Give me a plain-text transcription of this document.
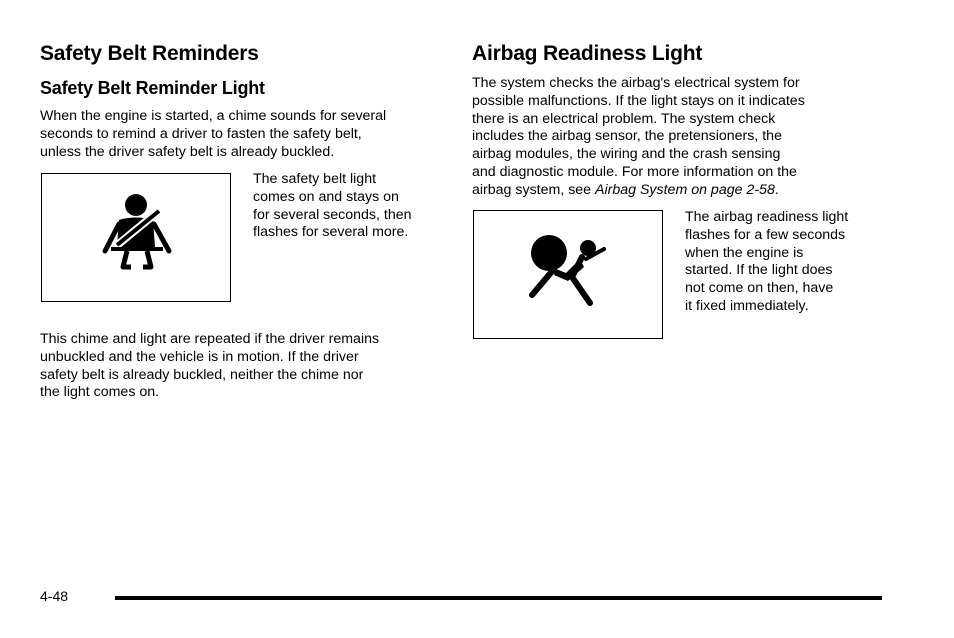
Safety Belt Reminders
Safety Belt Reminder Light

When the engine is started, a chime sounds for several
seconds to remind a driver to fasten the safety belt,
unless the driver safety belt is already buckled.

The safety belt light
comes on and stays on
for several seconds, then
flashes for several more.

This chime and light are repeated if the driver remains
unbuckled and the vehicle is in motion. If the driver
safety belt is already buckled, neither the chime nor
the light comes on.

Airbag Readiness Light

The system checks the airbag's electrical system for
possible malfunctions. If the light stays on it indicates
there is an electrical problem. The system check
includes the airbag sensor, the pretensioners, the
airbag modules, the wiring and the crash sensing
and diagnostic module. For more information on the
airbag system, see Airbag System on page 2-58.

The airbag readiness light
flashes for a few seconds
when the engine is
started. If the light does
not come on then, have
it fixed immediately.

4-48
